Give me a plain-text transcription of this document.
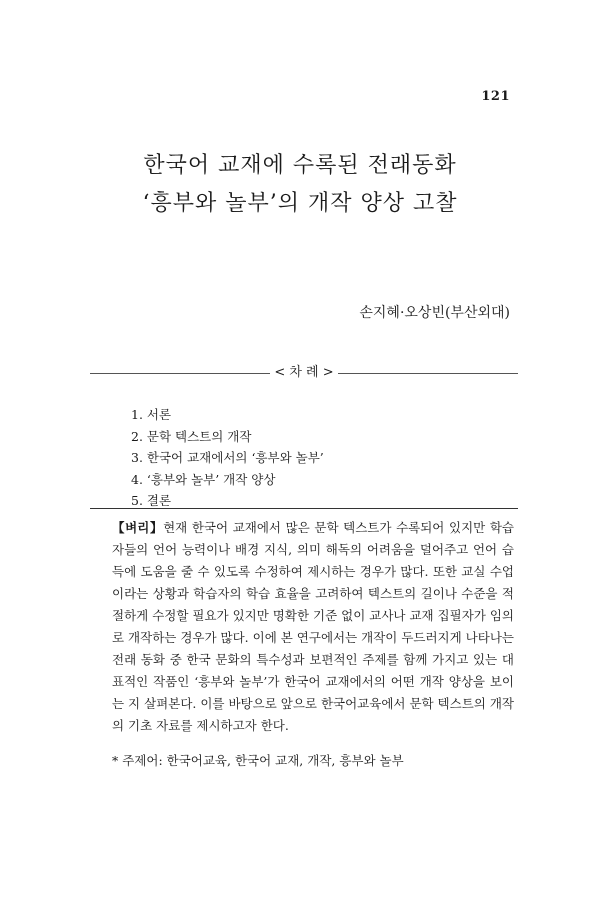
121
한국어 교재에 수록된 전래동화
‘흥부와 놀부’의 개작 양상 고찰
손지혜·오상빈(부산외대)
< 차 례 >
1. 서론
2. 문학 텍스트의 개작
3. 한국어 교재에서의 ‘흥부와 놀부’
4. ‘흥부와 놀부’ 개작 양상
5. 결론
【벼리】현재 한국어 교재에서 많은 문학 텍스트가 수록되어 있지만 학습자들의 언어 능력이나 배경 지식, 의미 해독의 어려움을 덜어주고 언어 습득에 도움을 줄 수 있도록 수정하여 제시하는 경우가 많다. 또한 교실 수업이라는 상황과 학습자의 학습 효율을 고려하여 텍스트의 길이나 수준을 적절하게 수정할 필요가 있지만 명확한 기준 없이 교사나 교재 집필자가 임의로 개작하는 경우가 많다. 이에 본 연구에서는 개작이 두드러지게 나타나는 전래 동화 중 한국 문화의 특수성과 보편적인 주제를 함께 가지고 있는 대표적인 작품인 ‘흥부와 놀부’가 한국어 교재에서의 어떤 개작 양상을 보이는 지 살펴본다. 이를 바탕으로 앞으로 한국어교육에서 문학 텍스트의 개작의 기초 자료를 제시하고자 한다.
* 주제어: 한국어교육, 한국어 교재, 개작, 흥부와 놀부
